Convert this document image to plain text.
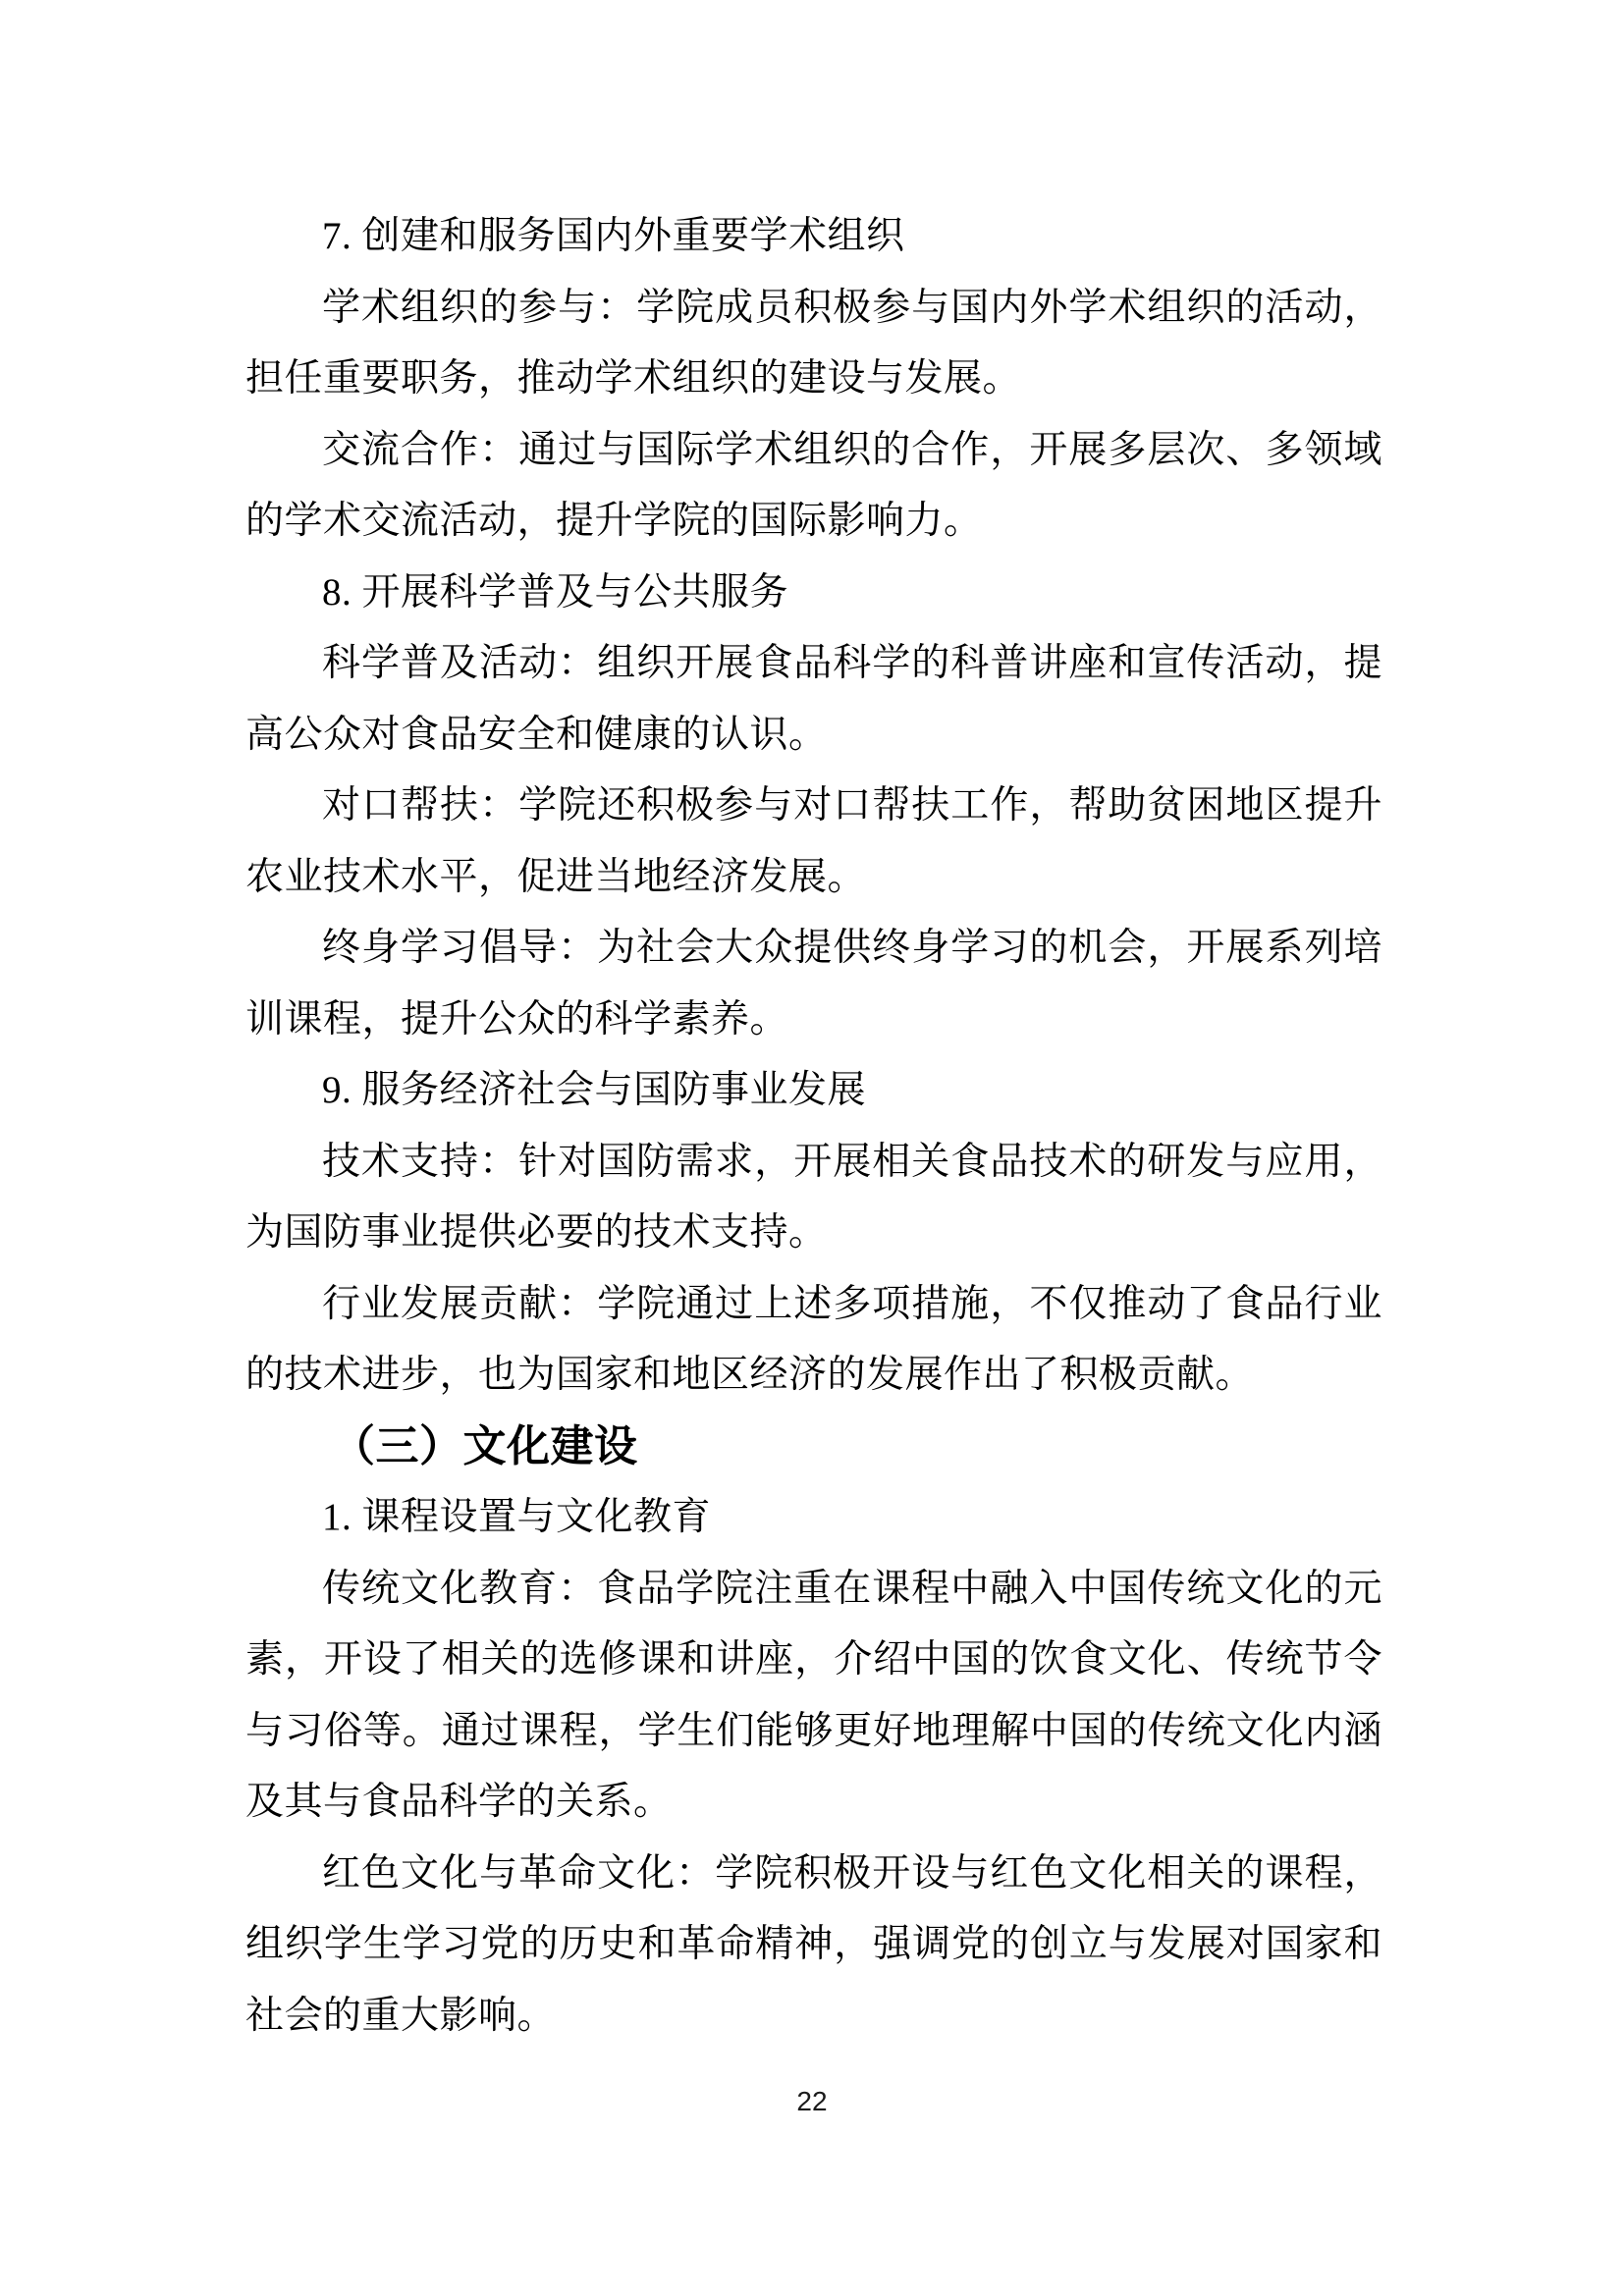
7. 创建和服务国内外重要学术组织

学术组织的参与：学院成员积极参与国内外学术组织的活动，担任重要职务，推动学术组织的建设与发展。

交流合作：通过与国际学术组织的合作，开展多层次、多领域的学术交流活动，提升学院的国际影响力。

8. 开展科学普及与公共服务

科学普及活动：组织开展食品科学的科普讲座和宣传活动，提高公众对食品安全和健康的认识。

对口帮扶：学院还积极参与对口帮扶工作，帮助贫困地区提升农业技术水平，促进当地经济发展。

终身学习倡导：为社会大众提供终身学习的机会，开展系列培训课程，提升公众的科学素养。

9. 服务经济社会与国防事业发展

技术支持：针对国防需求，开展相关食品技术的研发与应用，为国防事业提供必要的技术支持。

行业发展贡献：学院通过上述多项措施，不仅推动了食品行业的技术进步，也为国家和地区经济的发展作出了积极贡献。

（三）文化建设

1. 课程设置与文化教育

传统文化教育：食品学院注重在课程中融入中国传统文化的元素，开设了相关的选修课和讲座，介绍中国的饮食文化、传统节令与习俗等。通过课程，学生们能够更好地理解中国的传统文化内涵及其与食品科学的关系。

红色文化与革命文化：学院积极开设与红色文化相关的课程，组织学生学习党的历史和革命精神，强调党的创立与发展对国家和社会的重大影响。

22
